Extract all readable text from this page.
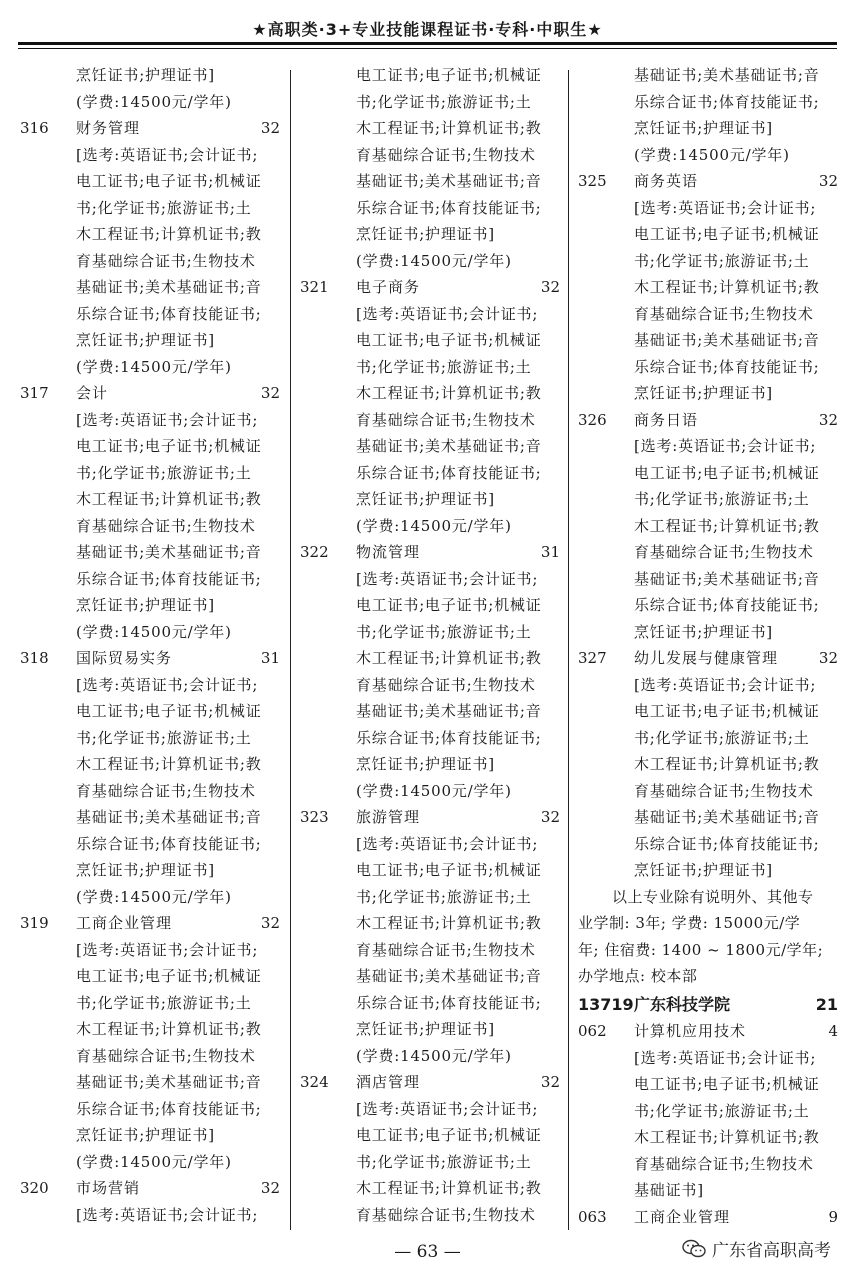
★高职类·3+专业技能课程证书·专科·中职生★
烹饪证书;护理证书]
(学费:14500元/学年)
316	财务管理	32
[选考:英语证书;会计证书;
电工证书;电子证书;机械证
书;化学证书;旅游证书;土
木工程证书;计算机证书;教
育基础综合证书;生物技术
基础证书;美术基础证书;音
乐综合证书;体育技能证书;
烹饪证书;护理证书]
(学费:14500元/学年)
317	会计	32
[选考:英语证书;会计证书;
电工证书;电子证书;机械证
书;化学证书;旅游证书;土
木工程证书;计算机证书;教
育基础综合证书;生物技术
基础证书;美术基础证书;音
乐综合证书;体育技能证书;
烹饪证书;护理证书]
(学费:14500元/学年)
318	国际贸易实务	31
[选考:英语证书;会计证书;
电工证书;电子证书;机械证
书;化学证书;旅游证书;土
木工程证书;计算机证书;教
育基础综合证书;生物技术
基础证书;美术基础证书;音
乐综合证书;体育技能证书;
烹饪证书;护理证书]
(学费:14500元/学年)
319	工商企业管理	32
[选考:英语证书;会计证书;
电工证书;电子证书;机械证
书;化学证书;旅游证书;土
木工程证书;计算机证书;教
育基础综合证书;生物技术
基础证书;美术基础证书;音
乐综合证书;体育技能证书;
烹饪证书;护理证书]
(学费:14500元/学年)
320	市场营销	32
[选考:英语证书;会计证书;
电工证书;电子证书;机械证
书;化学证书;旅游证书;土
木工程证书;计算机证书;教
育基础综合证书;生物技术
基础证书;美术基础证书;音
乐综合证书;体育技能证书;
烹饪证书;护理证书]
(学费:14500元/学年)
321	电子商务	32
[选考:英语证书;会计证书;
电工证书;电子证书;机械证
书;化学证书;旅游证书;土
木工程证书;计算机证书;教
育基础综合证书;生物技术
基础证书;美术基础证书;音
乐综合证书;体育技能证书;
烹饪证书;护理证书]
(学费:14500元/学年)
322	物流管理	31
[选考:英语证书;会计证书;
电工证书;电子证书;机械证
书;化学证书;旅游证书;土
木工程证书;计算机证书;教
育基础综合证书;生物技术
基础证书;美术基础证书;音
乐综合证书;体育技能证书;
烹饪证书;护理证书]
(学费:14500元/学年)
323	旅游管理	32
[选考:英语证书;会计证书;
电工证书;电子证书;机械证
书;化学证书;旅游证书;土
木工程证书;计算机证书;教
育基础综合证书;生物技术
基础证书;美术基础证书;音
乐综合证书;体育技能证书;
烹饪证书;护理证书]
(学费:14500元/学年)
324	酒店管理	32
[选考:英语证书;会计证书;
电工证书;电子证书;机械证
书;化学证书;旅游证书;土
木工程证书;计算机证书;教
育基础综合证书;生物技术
基础证书;美术基础证书;音
乐综合证书;体育技能证书;
烹饪证书;护理证书]
(学费:14500元/学年)
325	商务英语	32
[选考:英语证书;会计证书;
电工证书;电子证书;机械证
书;化学证书;旅游证书;土
木工程证书;计算机证书;教
育基础综合证书;生物技术
基础证书;美术基础证书;音
乐综合证书;体育技能证书;
烹饪证书;护理证书]
326	商务日语	32
[选考:英语证书;会计证书;
电工证书;电子证书;机械证
书;化学证书;旅游证书;土
木工程证书;计算机证书;教
育基础综合证书;生物技术
基础证书;美术基础证书;音
乐综合证书;体育技能证书;
烹饪证书;护理证书]
327	幼儿发展与健康管理	32
[选考:英语证书;会计证书;
电工证书;电子证书;机械证
书;化学证书;旅游证书;土
木工程证书;计算机证书;教
育基础综合证书;生物技术
基础证书;美术基础证书;音
乐综合证书;体育技能证书;
烹饪证书;护理证书]
以上专业除有说明外、其他专
业学制: 3年; 学费: 15000元/学
年; 住宿费: 1400 ~ 1800元/学年;
办学地点: 校本部
13719 广东科技学院	21
062	计算机应用技术	4
[选考:英语证书;会计证书;
电工证书;电子证书;机械证
书;化学证书;旅游证书;土
木工程证书;计算机证书;教
育基础综合证书;生物技术
基础证书]
063	工商企业管理	9
— 63 —	广东省高职高考
